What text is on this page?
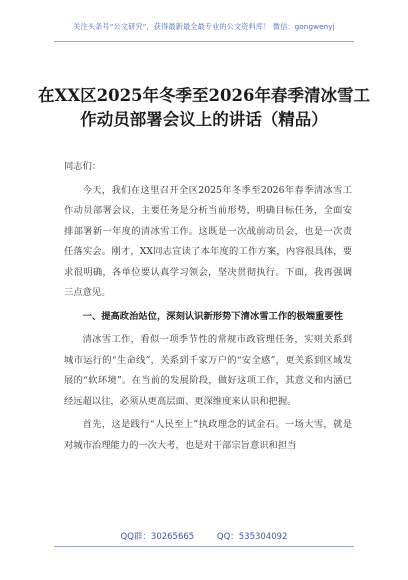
关注头条号“公文研究”，获得最新最全最专业的公文资料库！ 微信：gongwenyj
在XX区2025年冬季至2026年春季清冰雪工
作动员部署会议上的讲话（精品）

同志们：

今天，我们在这里召开全区2025年冬季至2026年春季清冰雪工作动员部署会议，主要任务是分析当前形势，明确目标任务，全面安排部署新一年度的清冰雪工作。这既是一次战前动员会，也是一次责任落实会。刚才，XX同志宣读了本年度的工作方案，内容很具体，要求很明确，各单位要认真学习领会，坚决贯彻执行。下面，我再强调三点意见。

一、提高政治站位，深刻认识新形势下清冰雪工作的极端重要性

清冰雪工作，看似一项季节性的常规市政管理任务，实则关系到城市运行的“生命线”，关系到千家万户的“安全感”，更关系到区域发展的“软环境”。在当前的发展阶段，做好这项工作，其意义和内涵已经远超以往，必须从更高层面、更深维度来认识和把握。

首先，这是践行“人民至上”执政理念的试金石。一场大雪，就是对城市治理能力的一次大考，也是对干部宗旨意识和担当

QQ群：30265665	QQ：535304092
